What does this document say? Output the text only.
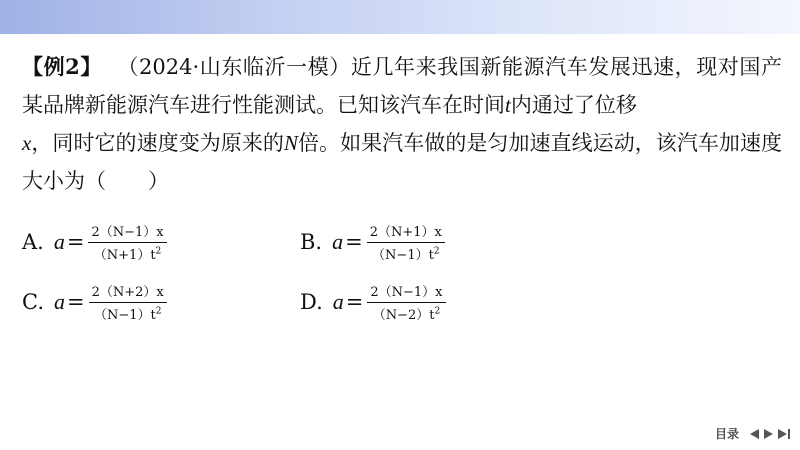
【例2】 （2024·山东临沂一模）近几年来我国新能源汽车发展迅速，现对国产某品牌新能源汽车进行性能测试。已知该汽车在时间t内通过了位移
x，同时它的速度变为原来的N倍。如果汽车做的是匀加速直线运动，该汽车加速度大小为（　　）
A. $a = \frac{2(N-1)x}{(N+1)t^2}$	B. $a = \frac{2(N+1)x}{(N-1)t^2}$
C. $a = \frac{2(N+2)x}{(N-1)t^2}$	D. $a = \frac{2(N-1)x}{(N-2)t^2}$
目录
